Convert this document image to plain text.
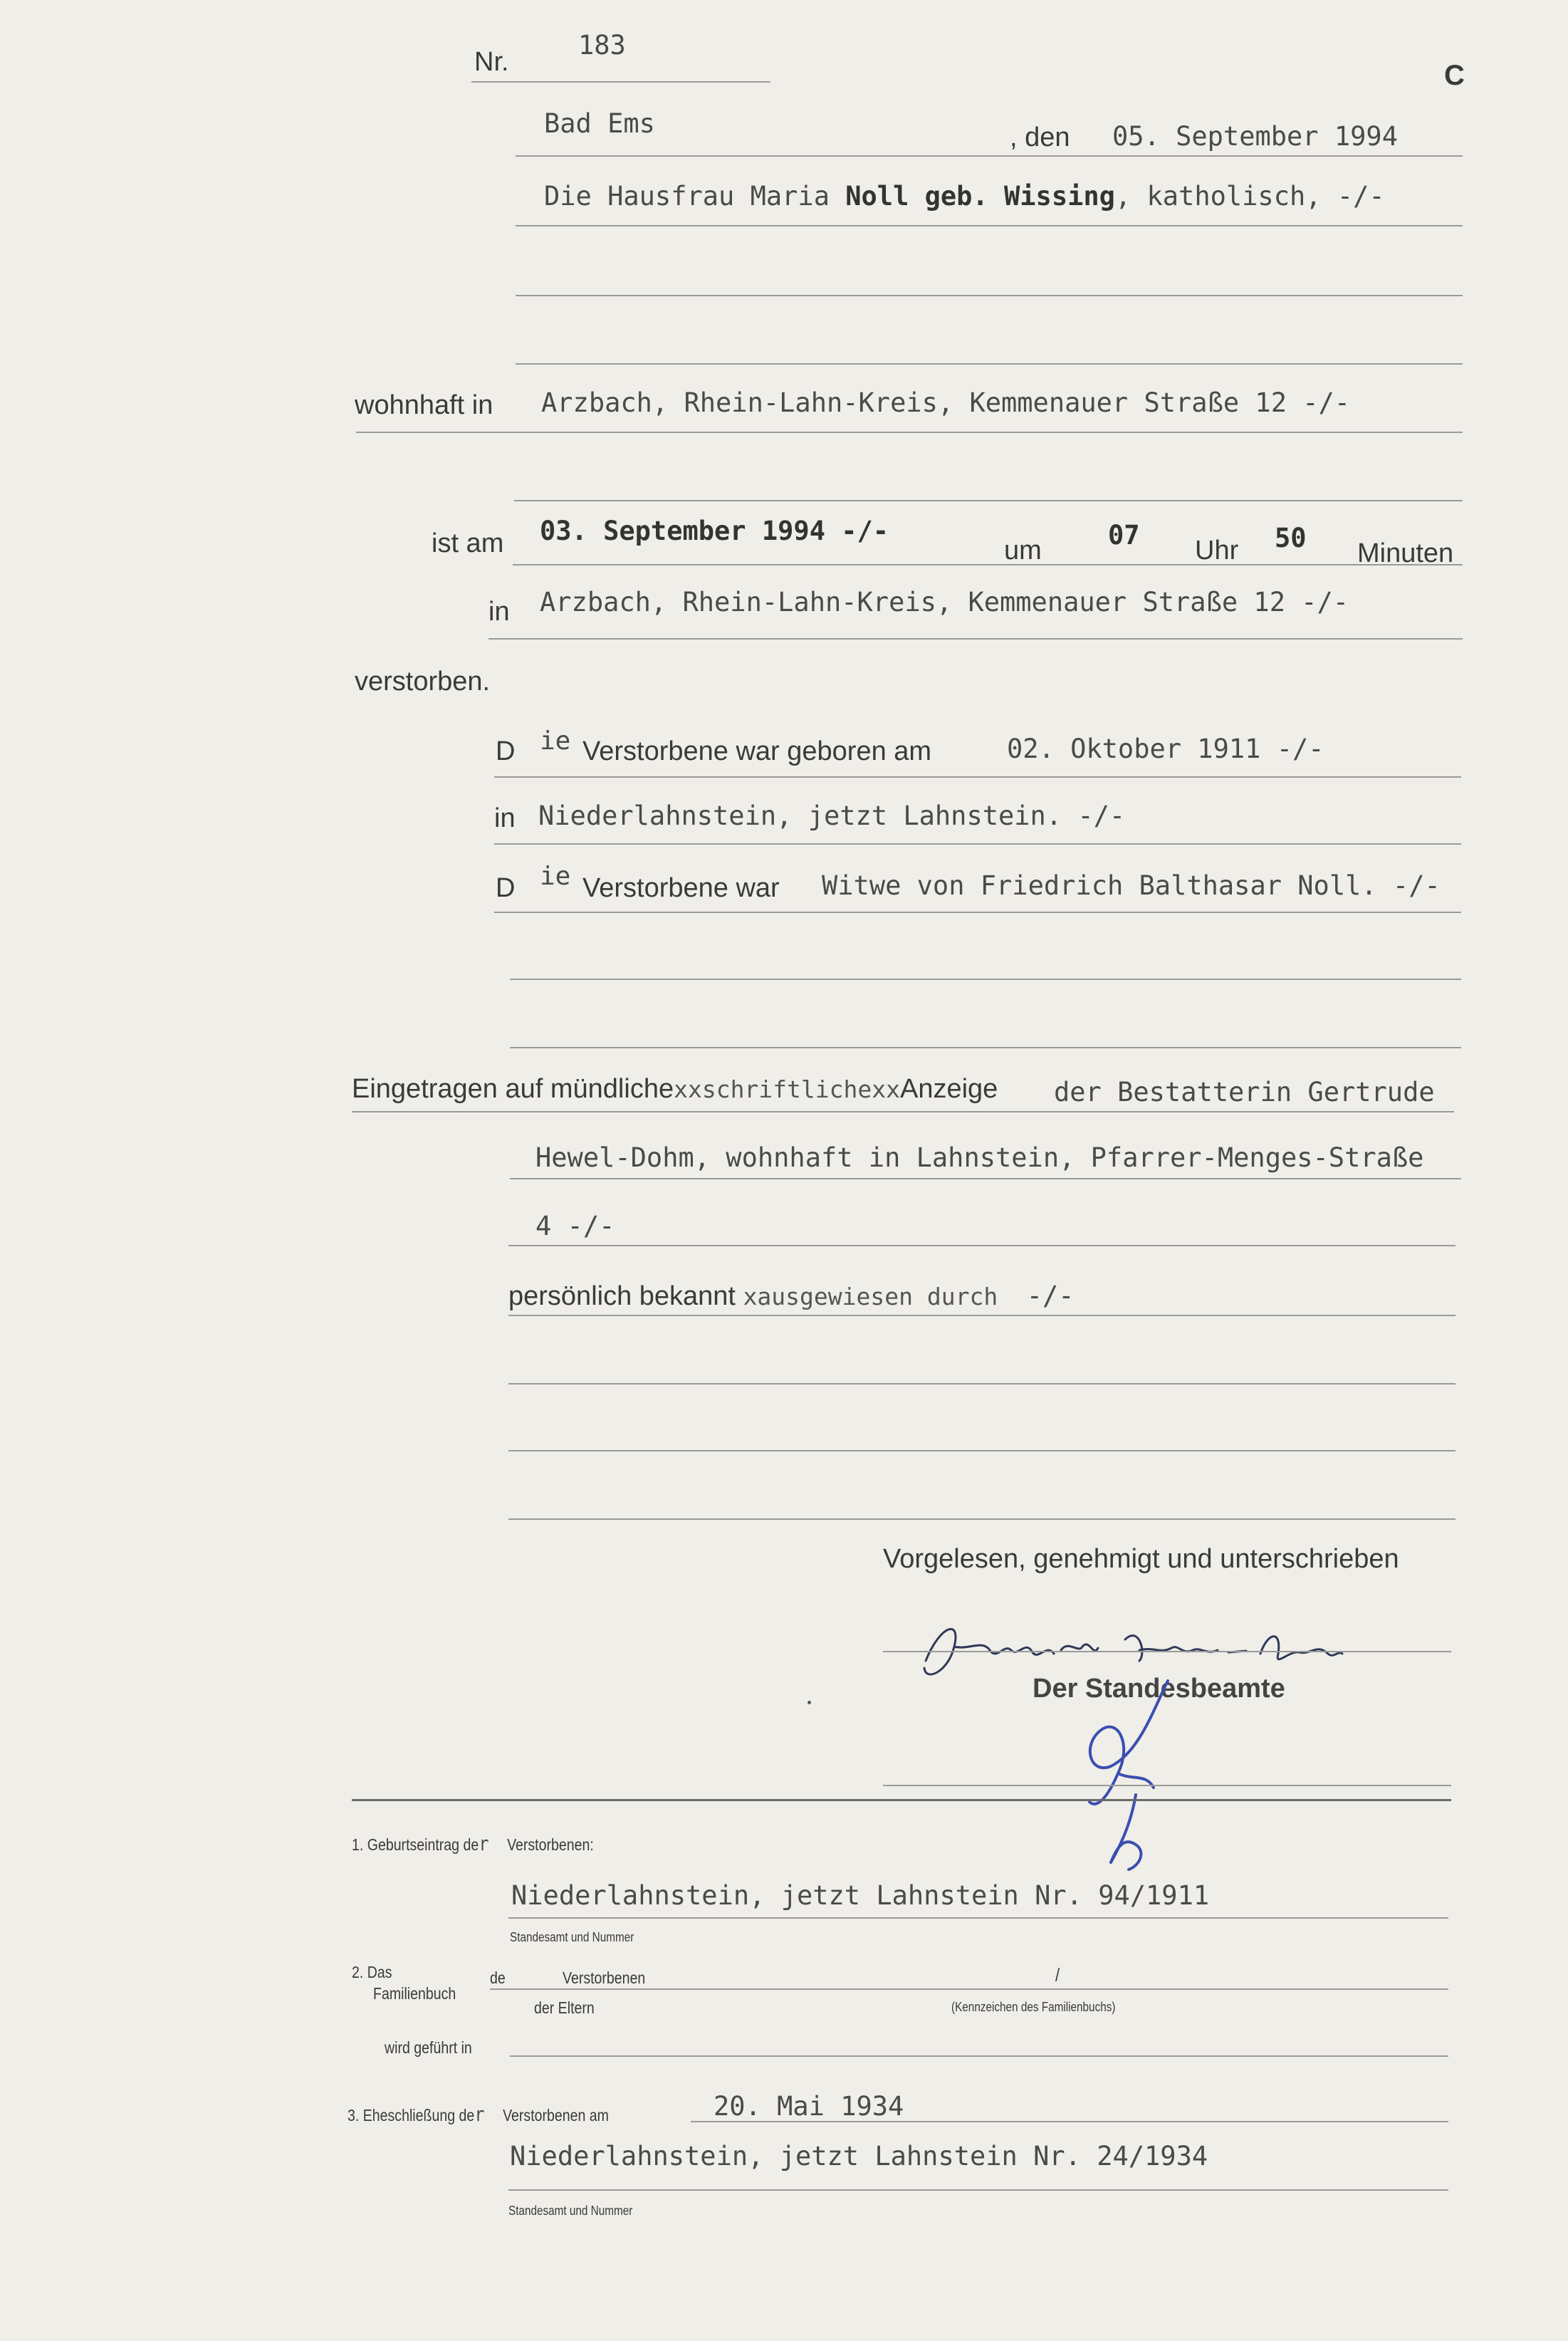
C
Nr.
183
Bad Ems	, den 05. September 1994
Die Hausfrau Maria Noll geb. Wissing, katholisch, -/-
wohnhaft in Arzbach, Rhein-Lahn-Kreis, Kemmenauer Straße 12 -/-
ist am 03. September 1994 -/-
um	07 Uhr 50 Minuten
in Arzbach, Rhein-Lahn-Kreis, Kemmenauer Straße 12 -/-
verstorben.
D ie Verstorbene war geboren am	02. Oktober 1911 -/-
in Niederlahnstein, jetzt Lahnstein. -/-
D ie Verstorbene war Witwe von Friedrich Balthasar Noll. -/-
Eingetragen auf mündlichexxschriftlichexxAnzeige der Bestatterin Gertrude
Hewel-Dohm, wohnhaft in Lahnstein, Pfarrer-Menges-Straße
4 -/-
persönlich bekannt xausgewiesen durch -/-
Vorgelesen, genehmigt und unterschrieben
Der Standesbeamte
1. Geburtseintrag der Verstorbenen:
Niederlahnstein, jetzt Lahnstein Nr. 94/1911
Standesamt und Nummer
2. Das
Familienbuch
de	Verstorbenen
der Eltern
/
(Kennzeichen des Familienbuchs)
wird geführt in
3. Eheschließung der Verstorbenen am	20. Mai 1934
Niederlahnstein, jetzt Lahnstein Nr. 24/1934
Standesamt und Nummer
